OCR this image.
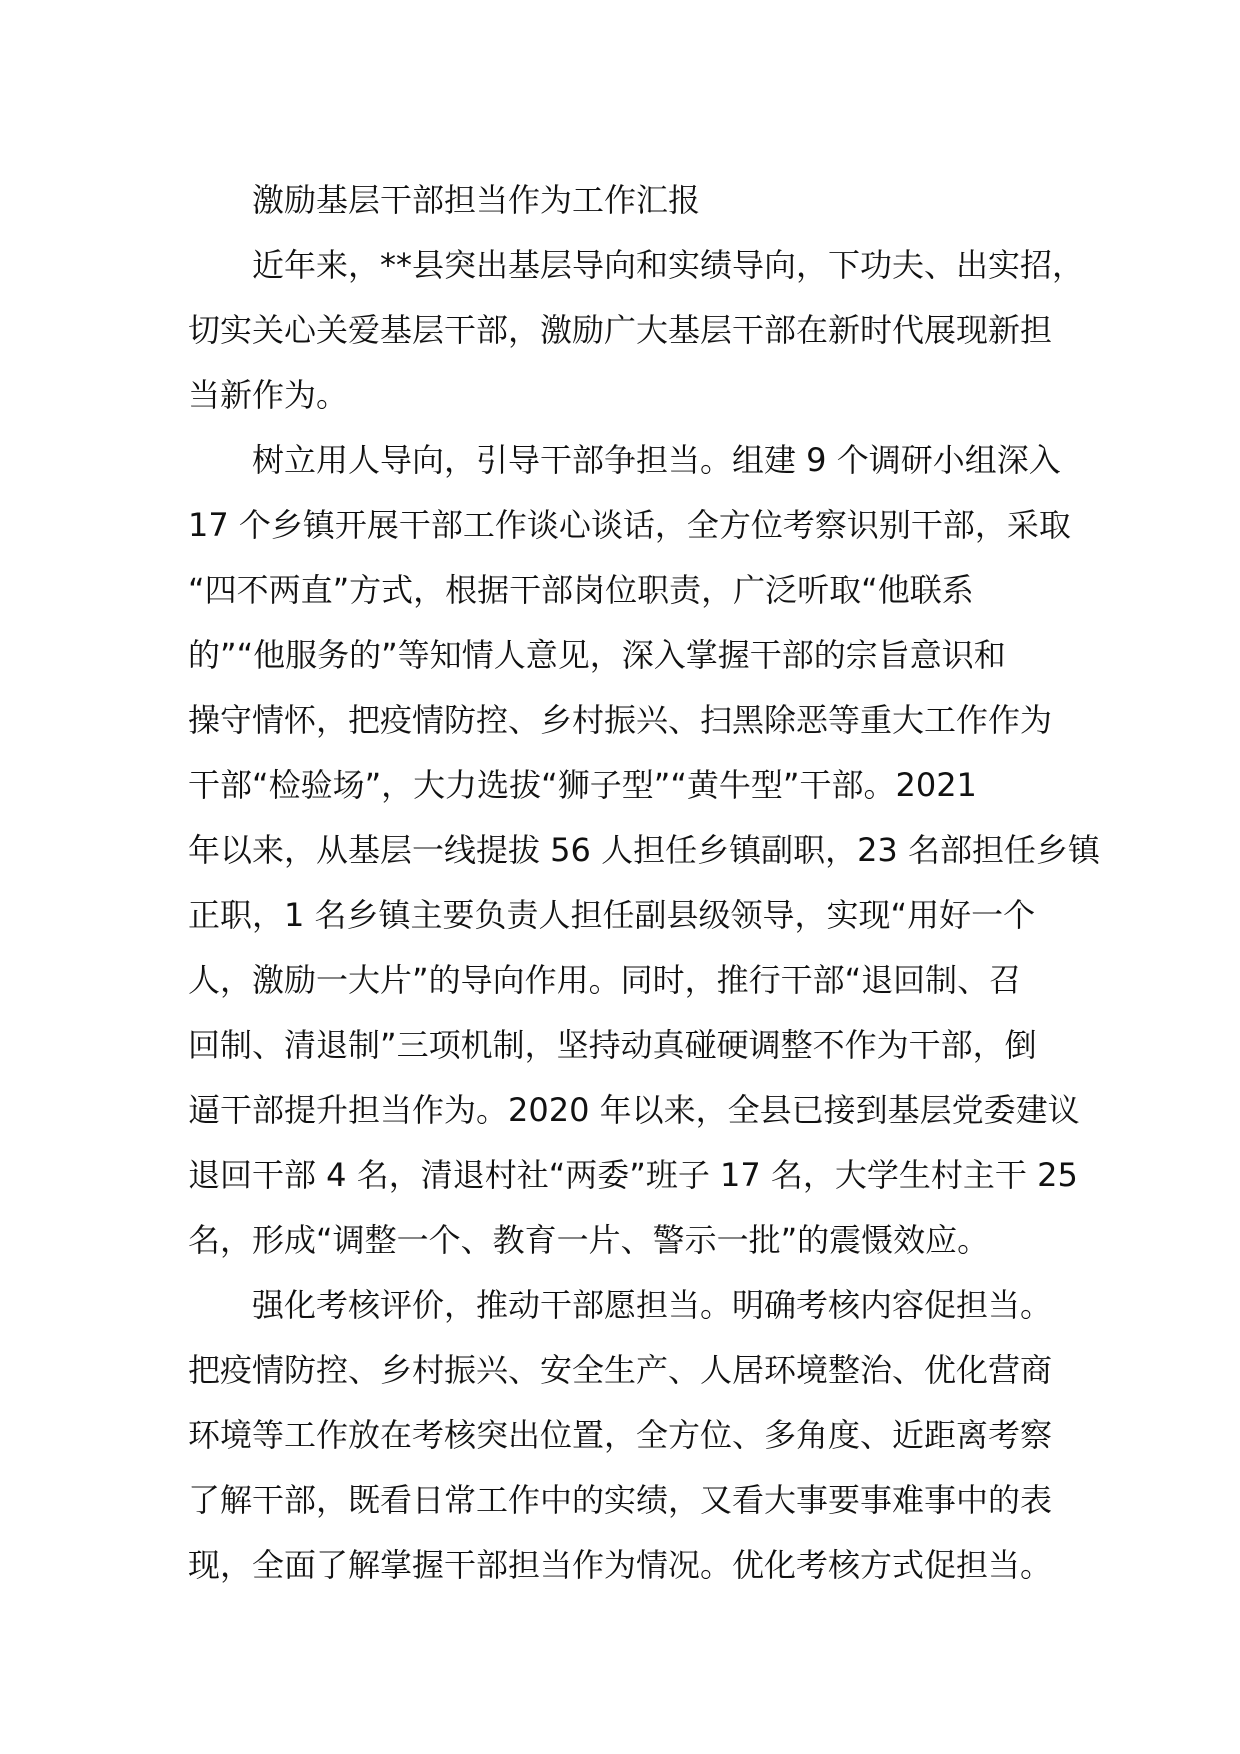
激励基层干部担当作为工作汇报
近年来，**县突出基层导向和实绩导向，下功夫、出实招，
切实关心关爱基层干部，激励广大基层干部在新时代展现新担
当新作为。
树立用人导向，引导干部争担当。组建 9 个调研小组深入
17 个乡镇开展干部工作谈心谈话，全方位考察识别干部，采取
“四不两直”方式，根据干部岗位职责，广泛听取“他联系
的”“他服务的”等知情人意见，深入掌握干部的宗旨意识和
操守情怀，把疫情防控、乡村振兴、扫黑除恶等重大工作作为
干部“检验场”，大力选拔“狮子型”“黄牛型”干部。2021
年以来，从基层一线提拔 56 人担任乡镇副职，23 名部担任乡镇
正职，1 名乡镇主要负责人担任副县级领导，实现“用好一个
人，激励一大片”的导向作用。同时，推行干部“退回制、召
回制、清退制”三项机制，坚持动真碰硬调整不作为干部，倒
逼干部提升担当作为。2020 年以来，全县已接到基层党委建议
退回干部 4 名，清退村社“两委”班子 17 名，大学生村主干 25
名，形成“调整一个、教育一片、警示一批”的震慑效应。
强化考核评价，推动干部愿担当。明确考核内容促担当。
把疫情防控、乡村振兴、安全生产、人居环境整治、优化营商
环境等工作放在考核突出位置，全方位、多角度、近距离考察
了解干部，既看日常工作中的实绩，又看大事要事难事中的表
现，全面了解掌握干部担当作为情况。优化考核方式促担当。
